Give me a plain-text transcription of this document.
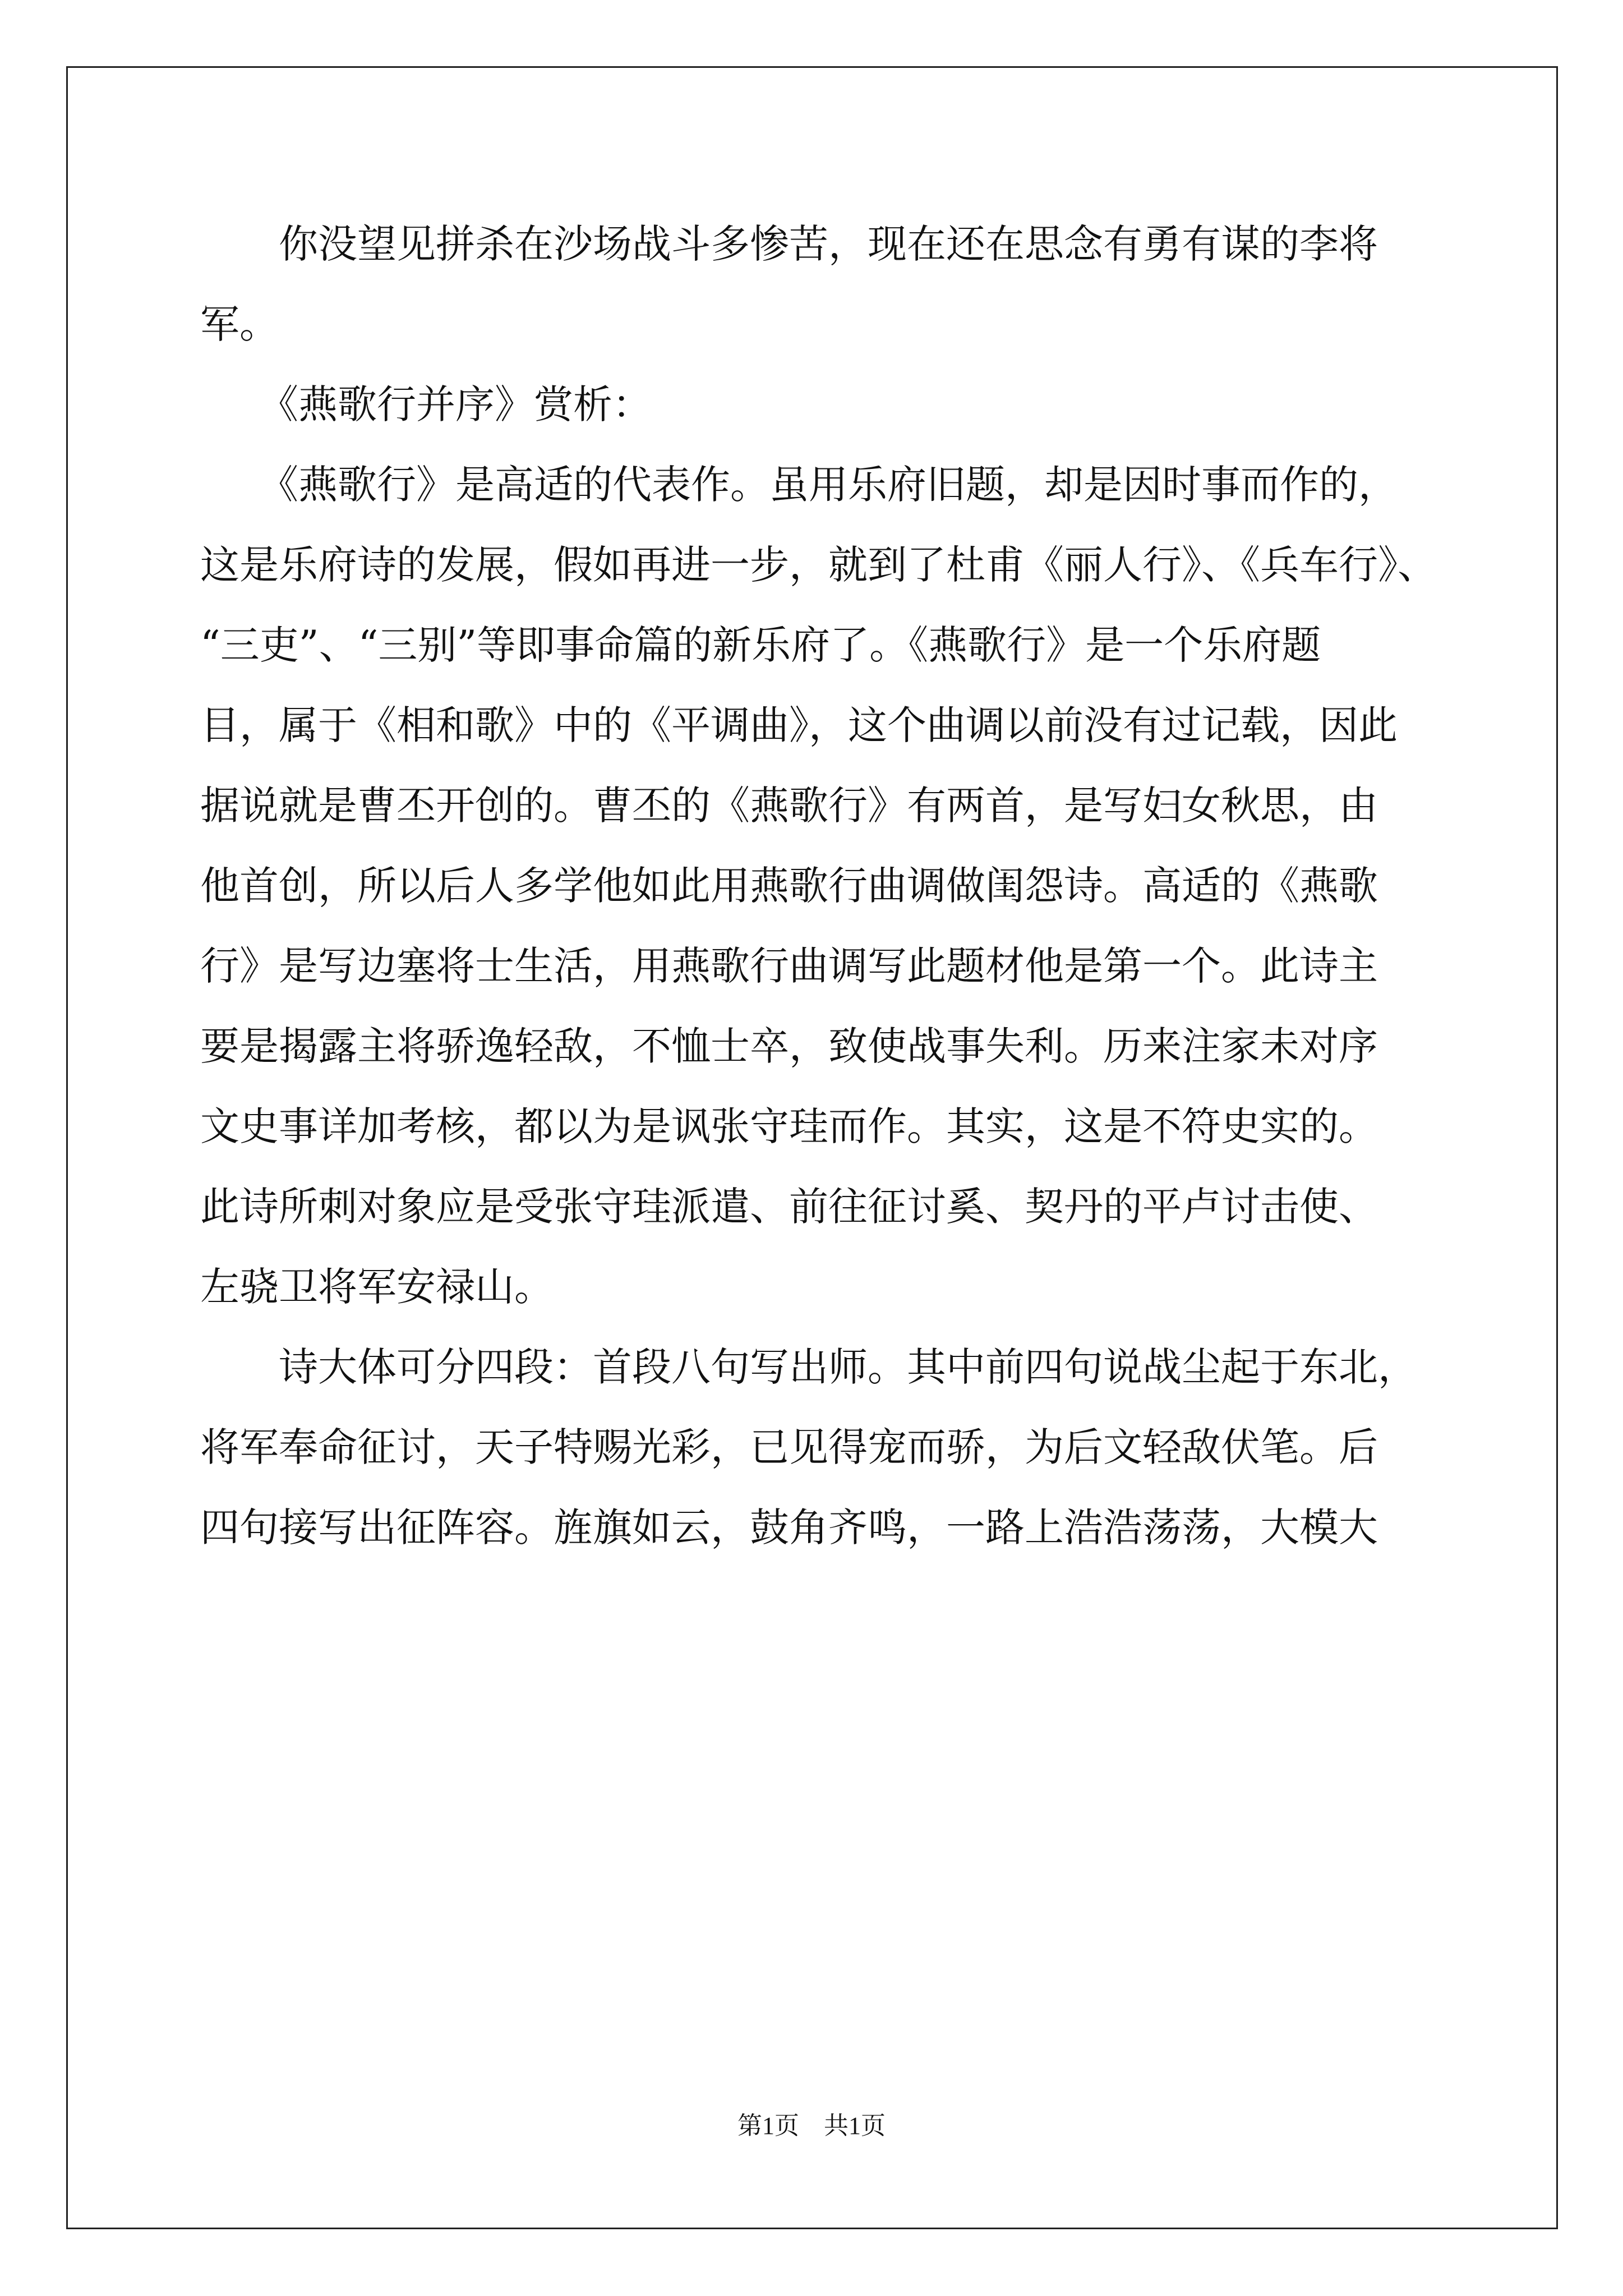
　　你没望见拼杀在沙场战斗多惨苦，现在还在思念有勇有谋的李将
军。
　　《燕歌行并序》赏析：
　　《燕歌行》是高适的代表作。虽用乐府旧题，却是因时事而作的，
这是乐府诗的发展，假如再进一步，就到了杜甫《丽人行》、《兵车行》、
“三吏”、“三别”等即事命篇的新乐府了。《燕歌行》是一个乐府题
目，属于《相和歌》中的《平调曲》，这个曲调以前没有过记载，因此
据说就是曹丕开创的。曹丕的《燕歌行》有两首，是写妇女秋思，由
他首创，所以后人多学他如此用燕歌行曲调做闺怨诗。高适的《燕歌
行》是写边塞将士生活，用燕歌行曲调写此题材他是第一个。此诗主
要是揭露主将骄逸轻敌，不恤士卒，致使战事失利。历来注家未对序
文史事详加考核，都以为是讽张守珪而作。其实，这是不符史实的。
此诗所刺对象应是受张守珪派遣、前往征讨奚、契丹的平卢讨击使、
左骁卫将军安禄山。
　　诗大体可分四段：首段八句写出师。其中前四句说战尘起于东北，
将军奉命征讨，天子特赐光彩，已见得宠而骄，为后文轻敌伏笔。后
四句接写出征阵容。旌旗如云，鼓角齐鸣，一路上浩浩荡荡，大模大
第1页　共1页
